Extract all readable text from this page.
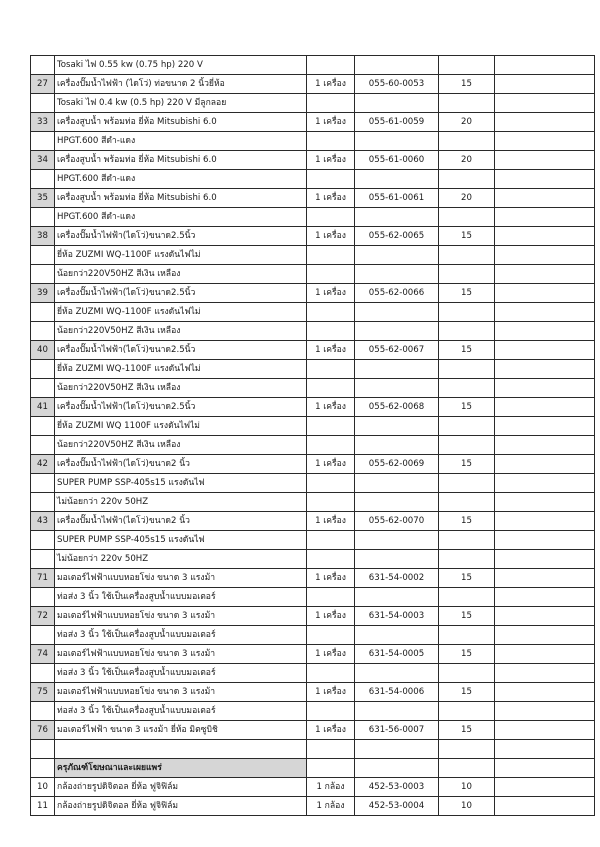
	Tosaki ไฟ 0.55 kw (0.75 hp) 220 V				
27	เครื่องปั๊มน้ำไฟฟ้า (ไดโว่) ท่อขนาด 2 นิ้วยี่ห้อ	1 เครื่อง	055-60-0053	15	
	Tosaki ไฟ 0.4 kw (0.5 hp) 220 V มีลูกลอย				
33	เครื่องสูบน้ำ พร้อมท่อ ยี่ห้อ Mitsubishi 6.0	1 เครื่อง	055-61-0059	20	
	HPGT.600 สีดำ-แดง				
34	เครื่องสูบน้ำ พร้อมท่อ ยี่ห้อ Mitsubishi 6.0	1 เครื่อง	055-61-0060	20	
	HPGT.600 สีดำ-แดง				
35	เครื่องสูบน้ำ พร้อมท่อ ยี่ห้อ Mitsubishi 6.0	1 เครื่อง	055-61-0061	20	
	HPGT.600 สีดำ-แดง				
38	เครื่องปั๊มน้ำไฟฟ้า(ไดโว่)ขนาด2.5นิ้ว	1 เครื่อง	055-62-0065	15	
	ยี่ห้อ ZUZMI WQ-1100F แรงดันไฟไม่				
	น้อยกว่า220V50HZ สีเงิน เหลือง				
39	เครื่องปั๊มน้ำไฟฟ้า(ไดโว่)ขนาด2.5นิ้ว	1 เครื่อง	055-62-0066	15	
	ยี่ห้อ ZUZMI WQ-1100F แรงดันไฟไม่				
	น้อยกว่า220V50HZ สีเงิน เหลือง				
40	เครื่องปั๊มน้ำไฟฟ้า(ไดโว่)ขนาด2.5นิ้ว	1 เครื่อง	055-62-0067	15	
	ยี่ห้อ ZUZMI WQ-1100F แรงดันไฟไม่				
	น้อยกว่า220V50HZ สีเงิน เหลือง				
41	เครื่องปั๊มน้ำไฟฟ้า(ไดโว่)ขนาด2.5นิ้ว	1 เครื่อง	055-62-0068	15	
	ยี่ห้อ ZUZMI WQ 1100F แรงดันไฟไม่				
	น้อยกว่า220V50HZ สีเงิน เหลือง				
42	เครื่องปั๊มน้ำไฟฟ้า(ไดโว่)ขนาด2 นิ้ว	1 เครื่อง	055-62-0069	15	
	SUPER PUMP SSP-405s15 แรงดันไฟ				
	ไม่น้อยกว่า 220v 50HZ				
43	เครื่องปั๊มน้ำไฟฟ้า(ไดโว่)ขนาด2 นิ้ว	1 เครื่อง	055-62-0070	15	
	SUPER PUMP SSP-405s15 แรงดันไฟ				
	ไม่น้อยกว่า 220v 50HZ				
71	มอเตอร์ไฟฟ้าแบบหอยโข่ง ขนาด 3 แรงม้า	1 เครื่อง	631-54-0002	15	
	ท่อส่ง 3 นิ้ว ใช้เป็นเครื่องสูบน้ำแบบมอเตอร์				
72	มอเตอร์ไฟฟ้าแบบหอยโข่ง ขนาด 3 แรงม้า	1 เครื่อง	631-54-0003	15	
	ท่อส่ง 3 นิ้ว ใช้เป็นเครื่องสูบน้ำแบบมอเตอร์				
74	มอเตอร์ไฟฟ้าแบบหอยโข่ง ขนาด 3 แรงม้า	1 เครื่อง	631-54-0005	15	
	ท่อส่ง 3 นิ้ว ใช้เป็นเครื่องสูบน้ำแบบมอเตอร์				
75	มอเตอร์ไฟฟ้าแบบหอยโข่ง ขนาด 3 แรงม้า	1 เครื่อง	631-54-0006	15	
	ท่อส่ง 3 นิ้ว ใช้เป็นเครื่องสูบน้ำแบบมอเตอร์				
76	มอเตอร์ไฟฟ้า ขนาด 3 แรงม้า ยี่ห้อ มิตซูบิชิ	1 เครื่อง	631-56-0007	15	

	ครุภัณฑ์โฆษณาและเผยแพร่				
10	กล้องถ่ายรูปดิจิตอล ยี่ห้อ ฟูจิฟิล์ม	1 กล้อง	452-53-0003	10	
11	กล้องถ่ายรูปดิจิตอล ยี่ห้อ ฟูจิฟิล์ม	1 กล้อง	452-53-0004	10	
